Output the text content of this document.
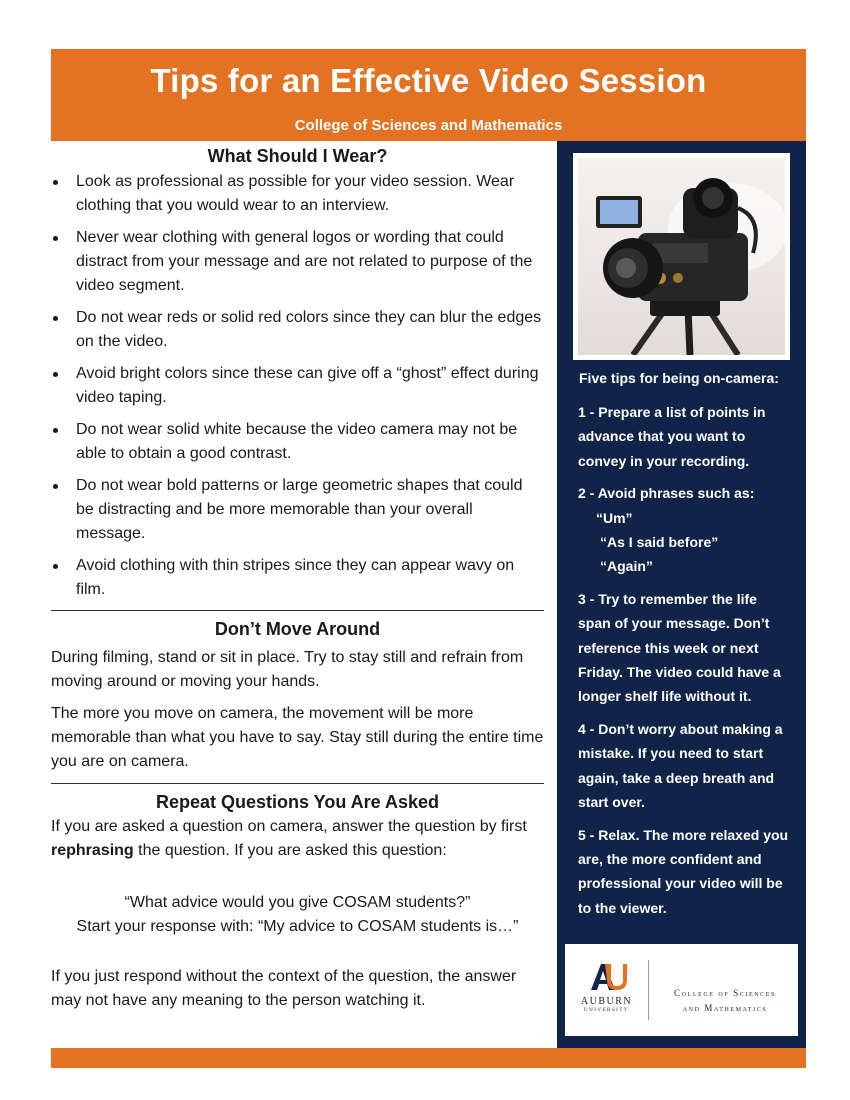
Tips for an Effective Video Session
College of Sciences and Mathematics
What Should I Wear?
Look as professional as possible for your video session. Wear clothing that you would wear to an interview.
Never wear clothing with general logos or wording that could distract from your message and are not related to purpose of the video segment.
Do not wear reds or solid red colors since they can blur the edges on the video.
Avoid bright colors since these can give off a “ghost” effect during video taping.
Do not wear solid white because the video camera may not be able to obtain a good contrast.
Do not wear bold patterns or large geometric shapes that could be distracting and be more memorable than your overall message.
Avoid clothing with thin stripes since they can appear wavy on film.
Don’t Move Around

During filming, stand or sit in place. Try to stay still and refrain from moving around or moving your hands.

The more you move on camera, the movement will be more memorable than what you have to say. Stay still during the entire time you are on camera.

Repeat Questions You Are Asked

If you are asked a question on camera, answer the question by first rephrasing the question. If you are asked this question:

“What advice would you give COSAM students?”

Start your response with: “My advice to COSAM students is…”

If you just respond without the context of the question, the answer may not have any meaning to the person watching it.

Five tips for being on-camera:

1 - Prepare a list of points in advance that you want to convey in your recording.

2 - Avoid phrases such as:

“Um”

“As I said before”

“Again”

3 - Try to remember the life span of your message. Don’t reference this week or next Friday. The video could have a longer shelf life without it.

4 - Don’t worry about making a mistake. If you need to start again, take a deep breath and start over.

5 - Relax. The more relaxed you are, the more confident and professional your video will be to the viewer.

AUBURN
UNIVERSITY
College of Sciences
and Mathematics
